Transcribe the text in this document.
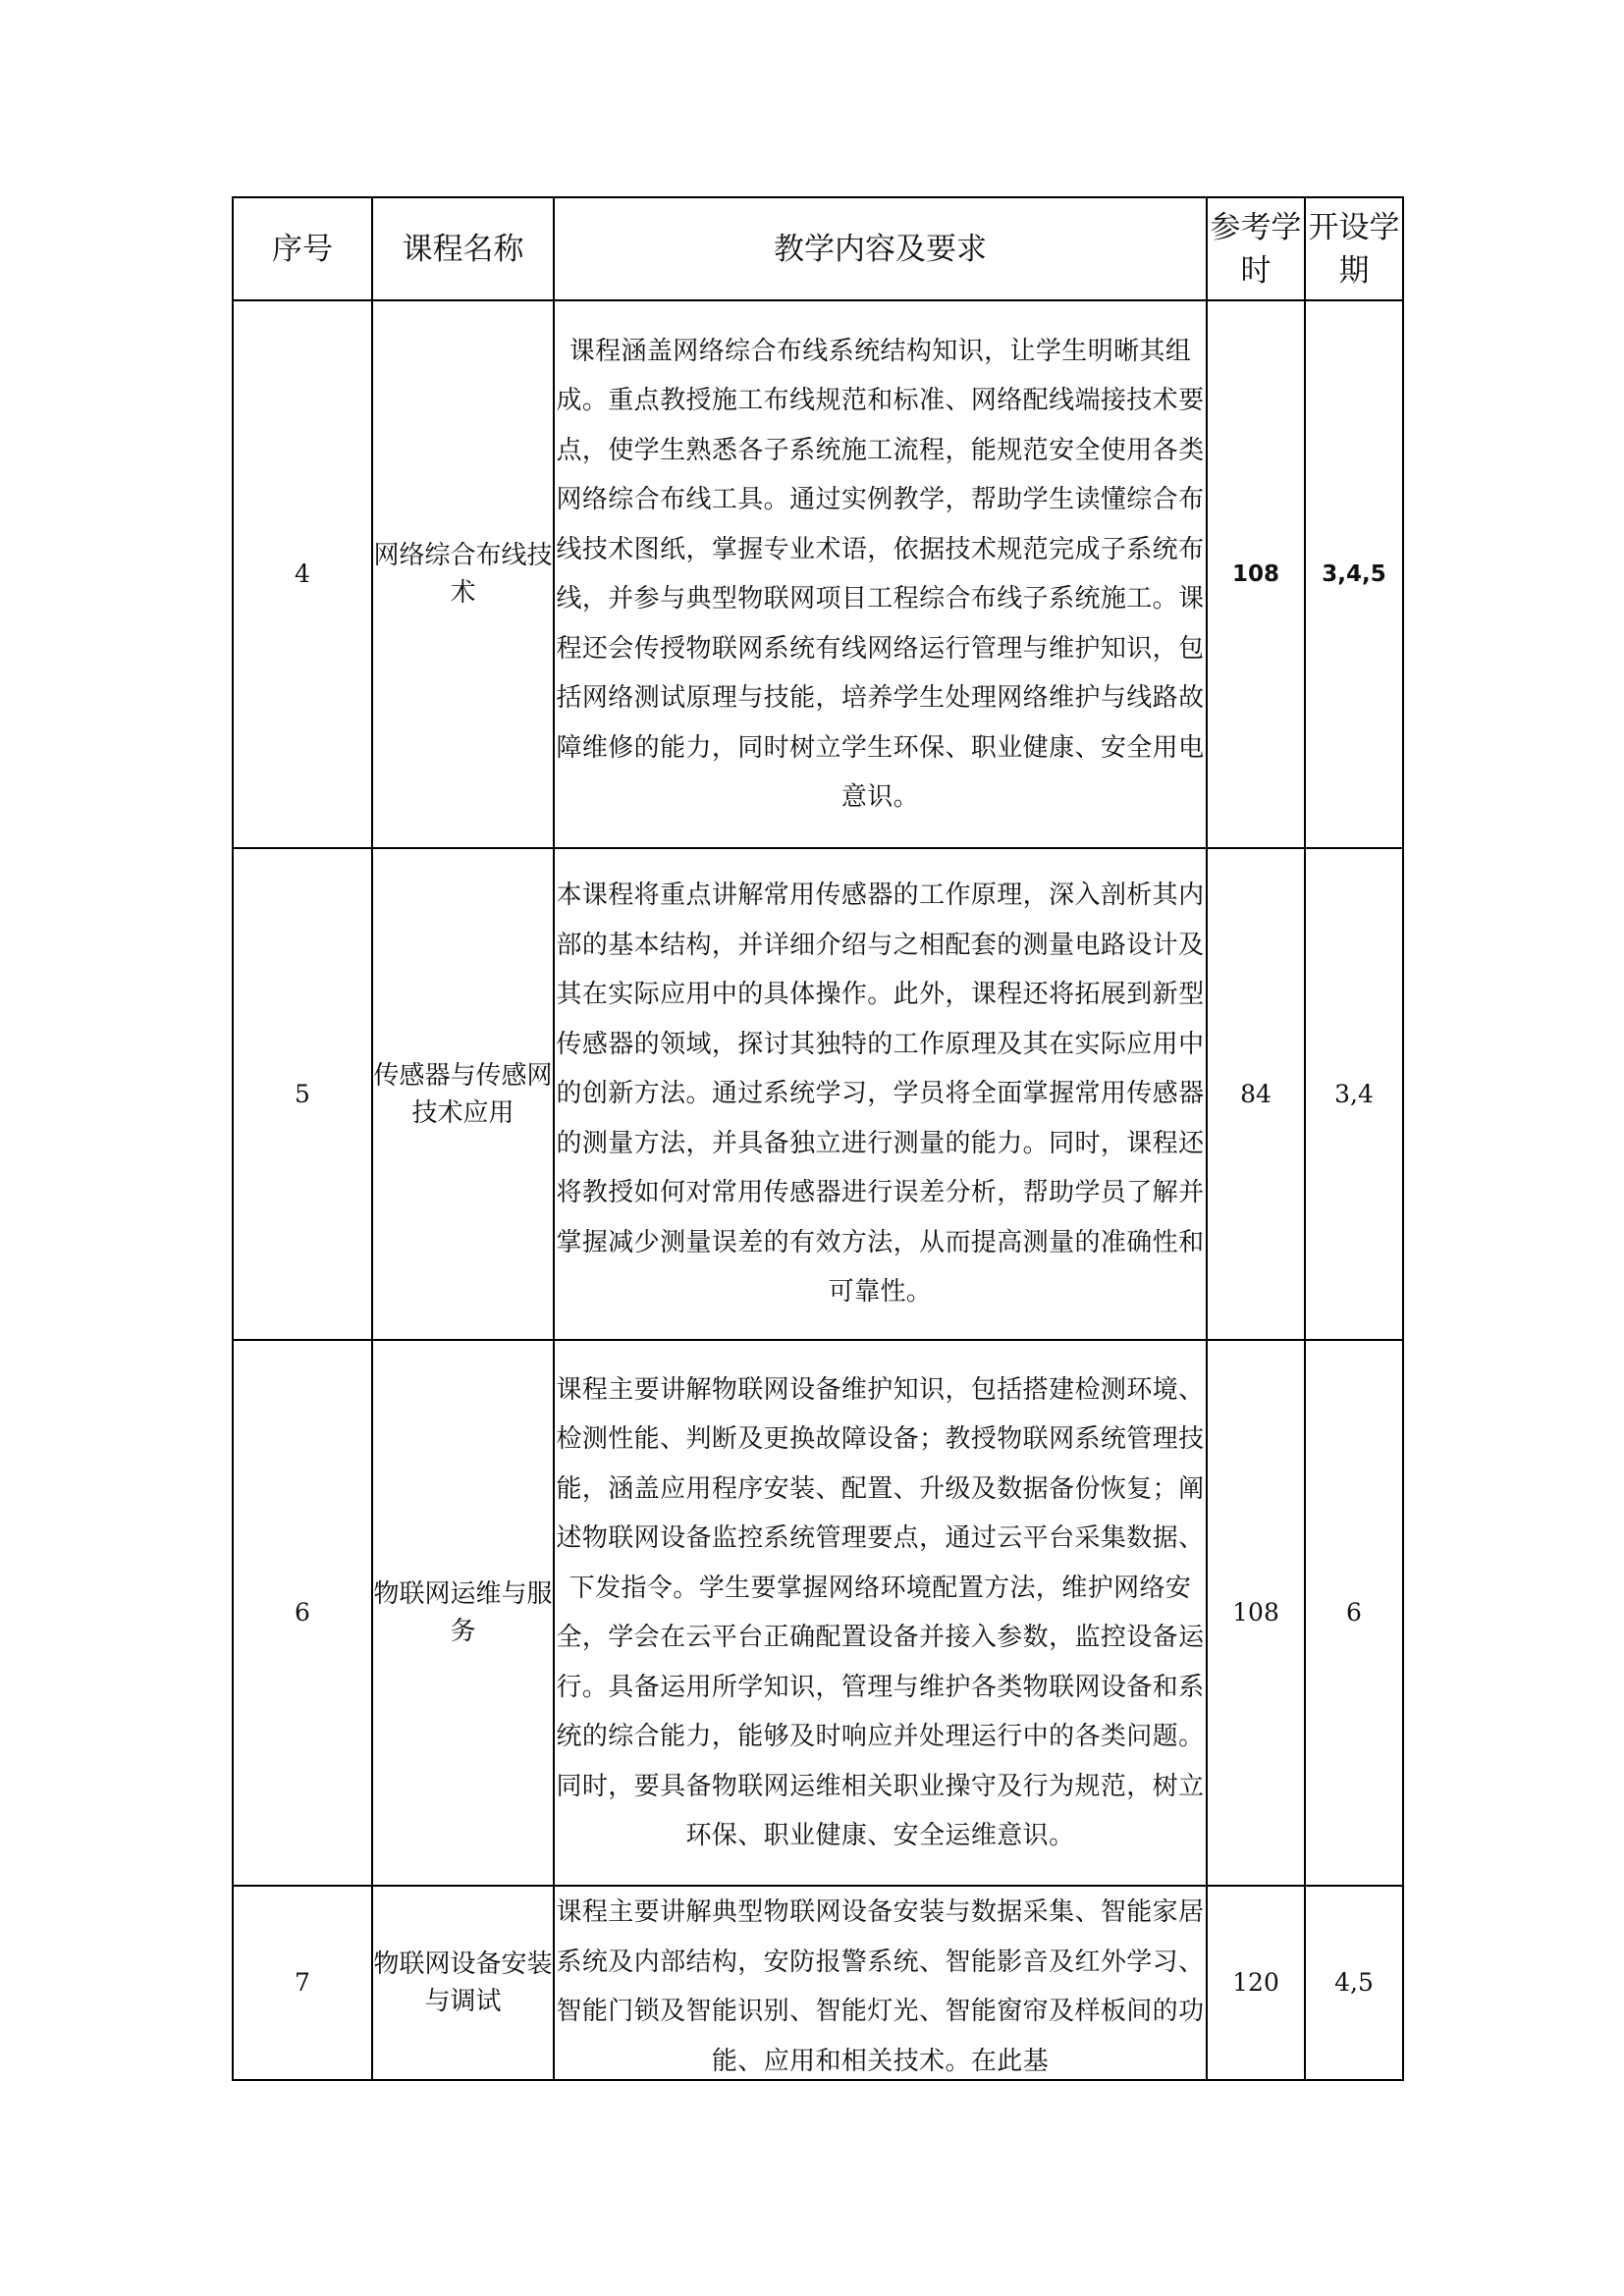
序号	课程名称	教学内容及要求	参考学时	开设学期
4	网络综合布线技术	课程涵盖网络综合布线系统结构知识，让学生明晰其组成。重点教授施工布线规范和标准、网络配线端接技术要点，使学生熟悉各子系统施工流程，能规范安全使用各类网络综合布线工具。通过实例教学，帮助学生读懂综合布线技术图纸，掌握专业术语，依据技术规范完成子系统布线，并参与典型物联网项目工程综合布线子系统施工。课程还会传授物联网系统有线网络运行管理与维护知识，包括网络测试原理与技能，培养学生处理网络维护与线路故障维修的能力，同时树立学生环保、职业健康、安全用电意识。	108	3,4,5
5	传感器与传感网技术应用	本课程将重点讲解常用传感器的工作原理，深入剖析其内部的基本结构，并详细介绍与之相配套的测量电路设计及其在实际应用中的具体操作。此外，课程还将拓展到新型传感器的领域，探讨其独特的工作原理及其在实际应用中的创新方法。通过系统学习，学员将全面掌握常用传感器的测量方法，并具备独立进行测量的能力。同时，课程还将教授如何对常用传感器进行误差分析，帮助学员了解并掌握减少测量误差的有效方法，从而提高测量的准确性和可靠性。	84	3,4
6	物联网运维与服务	课程主要讲解物联网设备维护知识，包括搭建检测环境、检测性能、判断及更换故障设备；教授物联网系统管理技能，涵盖应用程序安装、配置、升级及数据备份恢复；阐述物联网设备监控系统管理要点，通过云平台采集数据、下发指令。学生要掌握网络环境配置方法，维护网络安全，学会在云平台正确配置设备并接入参数，监控设备运行。具备运用所学知识，管理与维护各类物联网设备和系统的综合能力，能够及时响应并处理运行中的各类问题。同时，要具备物联网运维相关职业操守及行为规范，树立环保、职业健康、安全运维意识。	108	6
7	物联网设备安装与调试	课程主要讲解典型物联网设备安装与数据采集、智能家居系统及内部结构，安防报警系统、智能影音及红外学习、智能门锁及智能识别、智能灯光、智能窗帘及样板间的功能、应用和相关技术。在此基	120	4,5
